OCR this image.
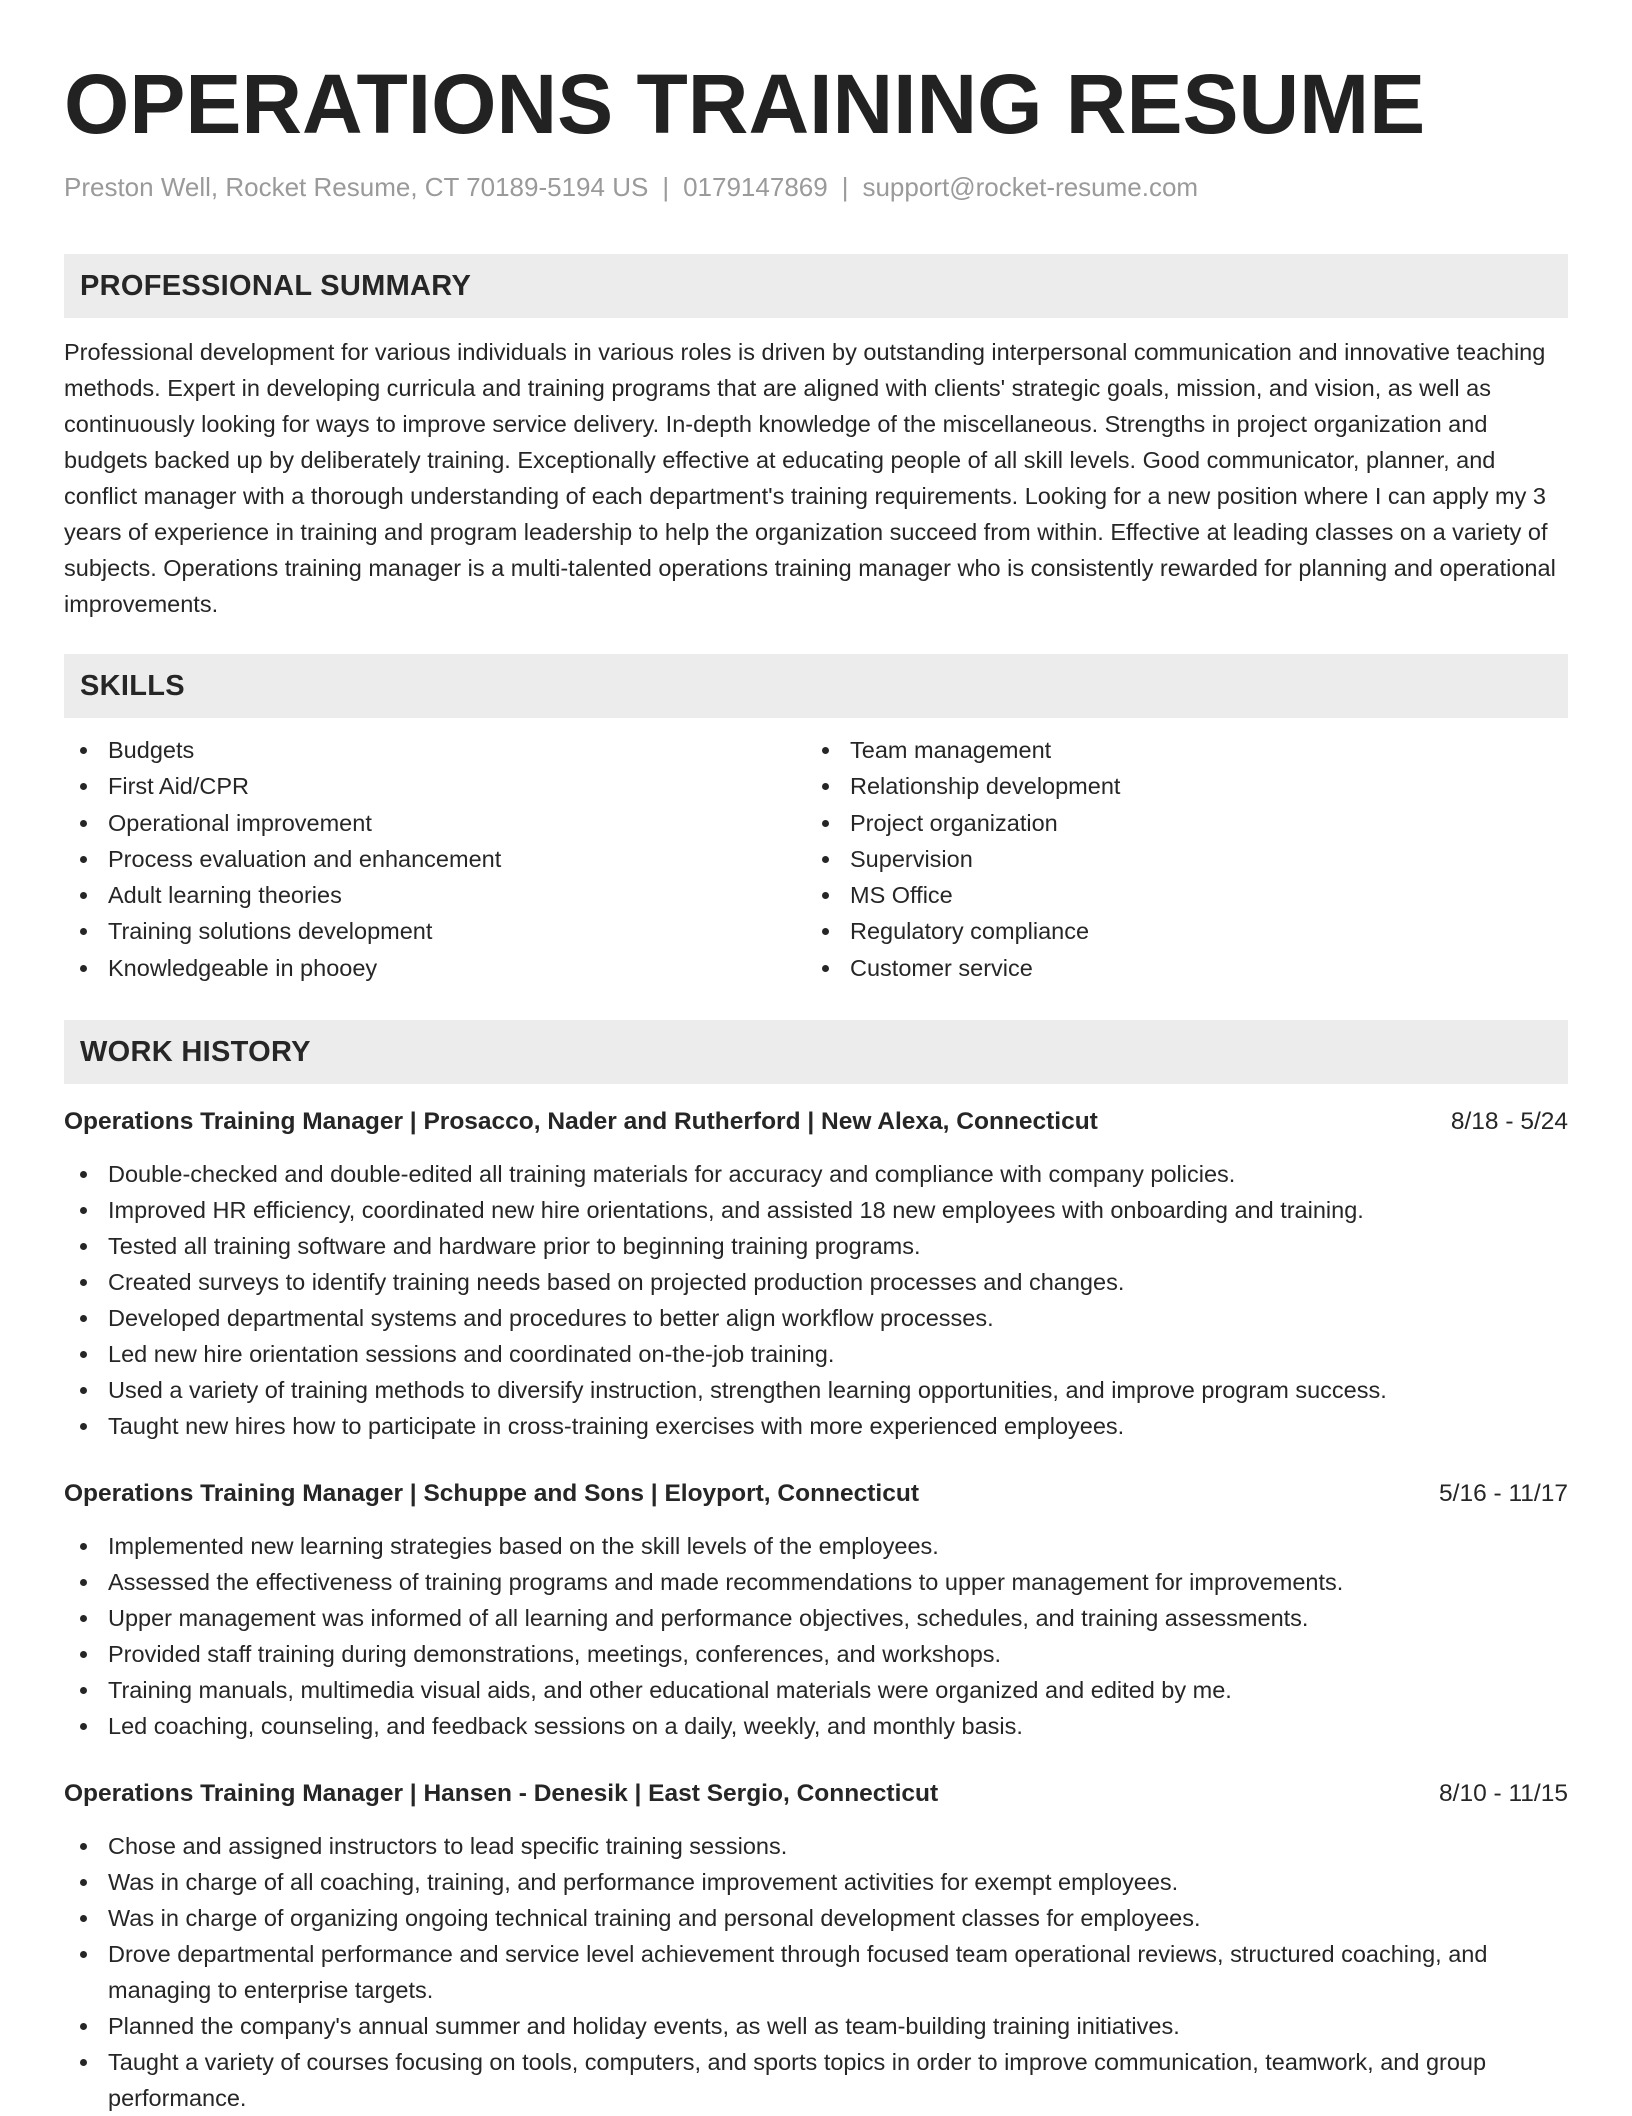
OPERATIONS TRAINING RESUME
Preston Well, Rocket Resume, CT 70189-5194 US | 0179147869 | support@rocket-resume.com
PROFESSIONAL SUMMARY
Professional development for various individuals in various roles is driven by outstanding interpersonal communication and innovative teaching methods. Expert in developing curricula and training programs that are aligned with clients' strategic goals, mission, and vision, as well as continuously looking for ways to improve service delivery. In-depth knowledge of the miscellaneous. Strengths in project organization and budgets backed up by deliberately training. Exceptionally effective at educating people of all skill levels. Good communicator, planner, and conflict manager with a thorough understanding of each department's training requirements. Looking for a new position where I can apply my 3 years of experience in training and program leadership to help the organization succeed from within. Effective at leading classes on a variety of subjects. Operations training manager is a multi-talented operations training manager who is consistently rewarded for planning and operational improvements.
SKILLS
Budgets
First Aid/CPR
Operational improvement
Process evaluation and enhancement
Adult learning theories
Training solutions development
Knowledgeable in phooey
Team management
Relationship development
Project organization
Supervision
MS Office
Regulatory compliance
Customer service
WORK HISTORY
Operations Training Manager | Prosacco, Nader and Rutherford | New Alexa, Connecticut	8/18 - 5/24
Double-checked and double-edited all training materials for accuracy and compliance with company policies.
Improved HR efficiency, coordinated new hire orientations, and assisted 18 new employees with onboarding and training.
Tested all training software and hardware prior to beginning training programs.
Created surveys to identify training needs based on projected production processes and changes.
Developed departmental systems and procedures to better align workflow processes.
Led new hire orientation sessions and coordinated on-the-job training.
Used a variety of training methods to diversify instruction, strengthen learning opportunities, and improve program success.
Taught new hires how to participate in cross-training exercises with more experienced employees.
Operations Training Manager | Schuppe and Sons | Eloyport, Connecticut	5/16 - 11/17
Implemented new learning strategies based on the skill levels of the employees.
Assessed the effectiveness of training programs and made recommendations to upper management for improvements.
Upper management was informed of all learning and performance objectives, schedules, and training assessments.
Provided staff training during demonstrations, meetings, conferences, and workshops.
Training manuals, multimedia visual aids, and other educational materials were organized and edited by me.
Led coaching, counseling, and feedback sessions on a daily, weekly, and monthly basis.
Operations Training Manager | Hansen - Denesik | East Sergio, Connecticut	8/10 - 11/15
Chose and assigned instructors to lead specific training sessions.
Was in charge of all coaching, training, and performance improvement activities for exempt employees.
Was in charge of organizing ongoing technical training and personal development classes for employees.
Drove departmental performance and service level achievement through focused team operational reviews, structured coaching, and managing to enterprise targets.
Planned the company's annual summer and holiday events, as well as team-building training initiatives.
Taught a variety of courses focusing on tools, computers, and sports topics in order to improve communication, teamwork, and group performance.
